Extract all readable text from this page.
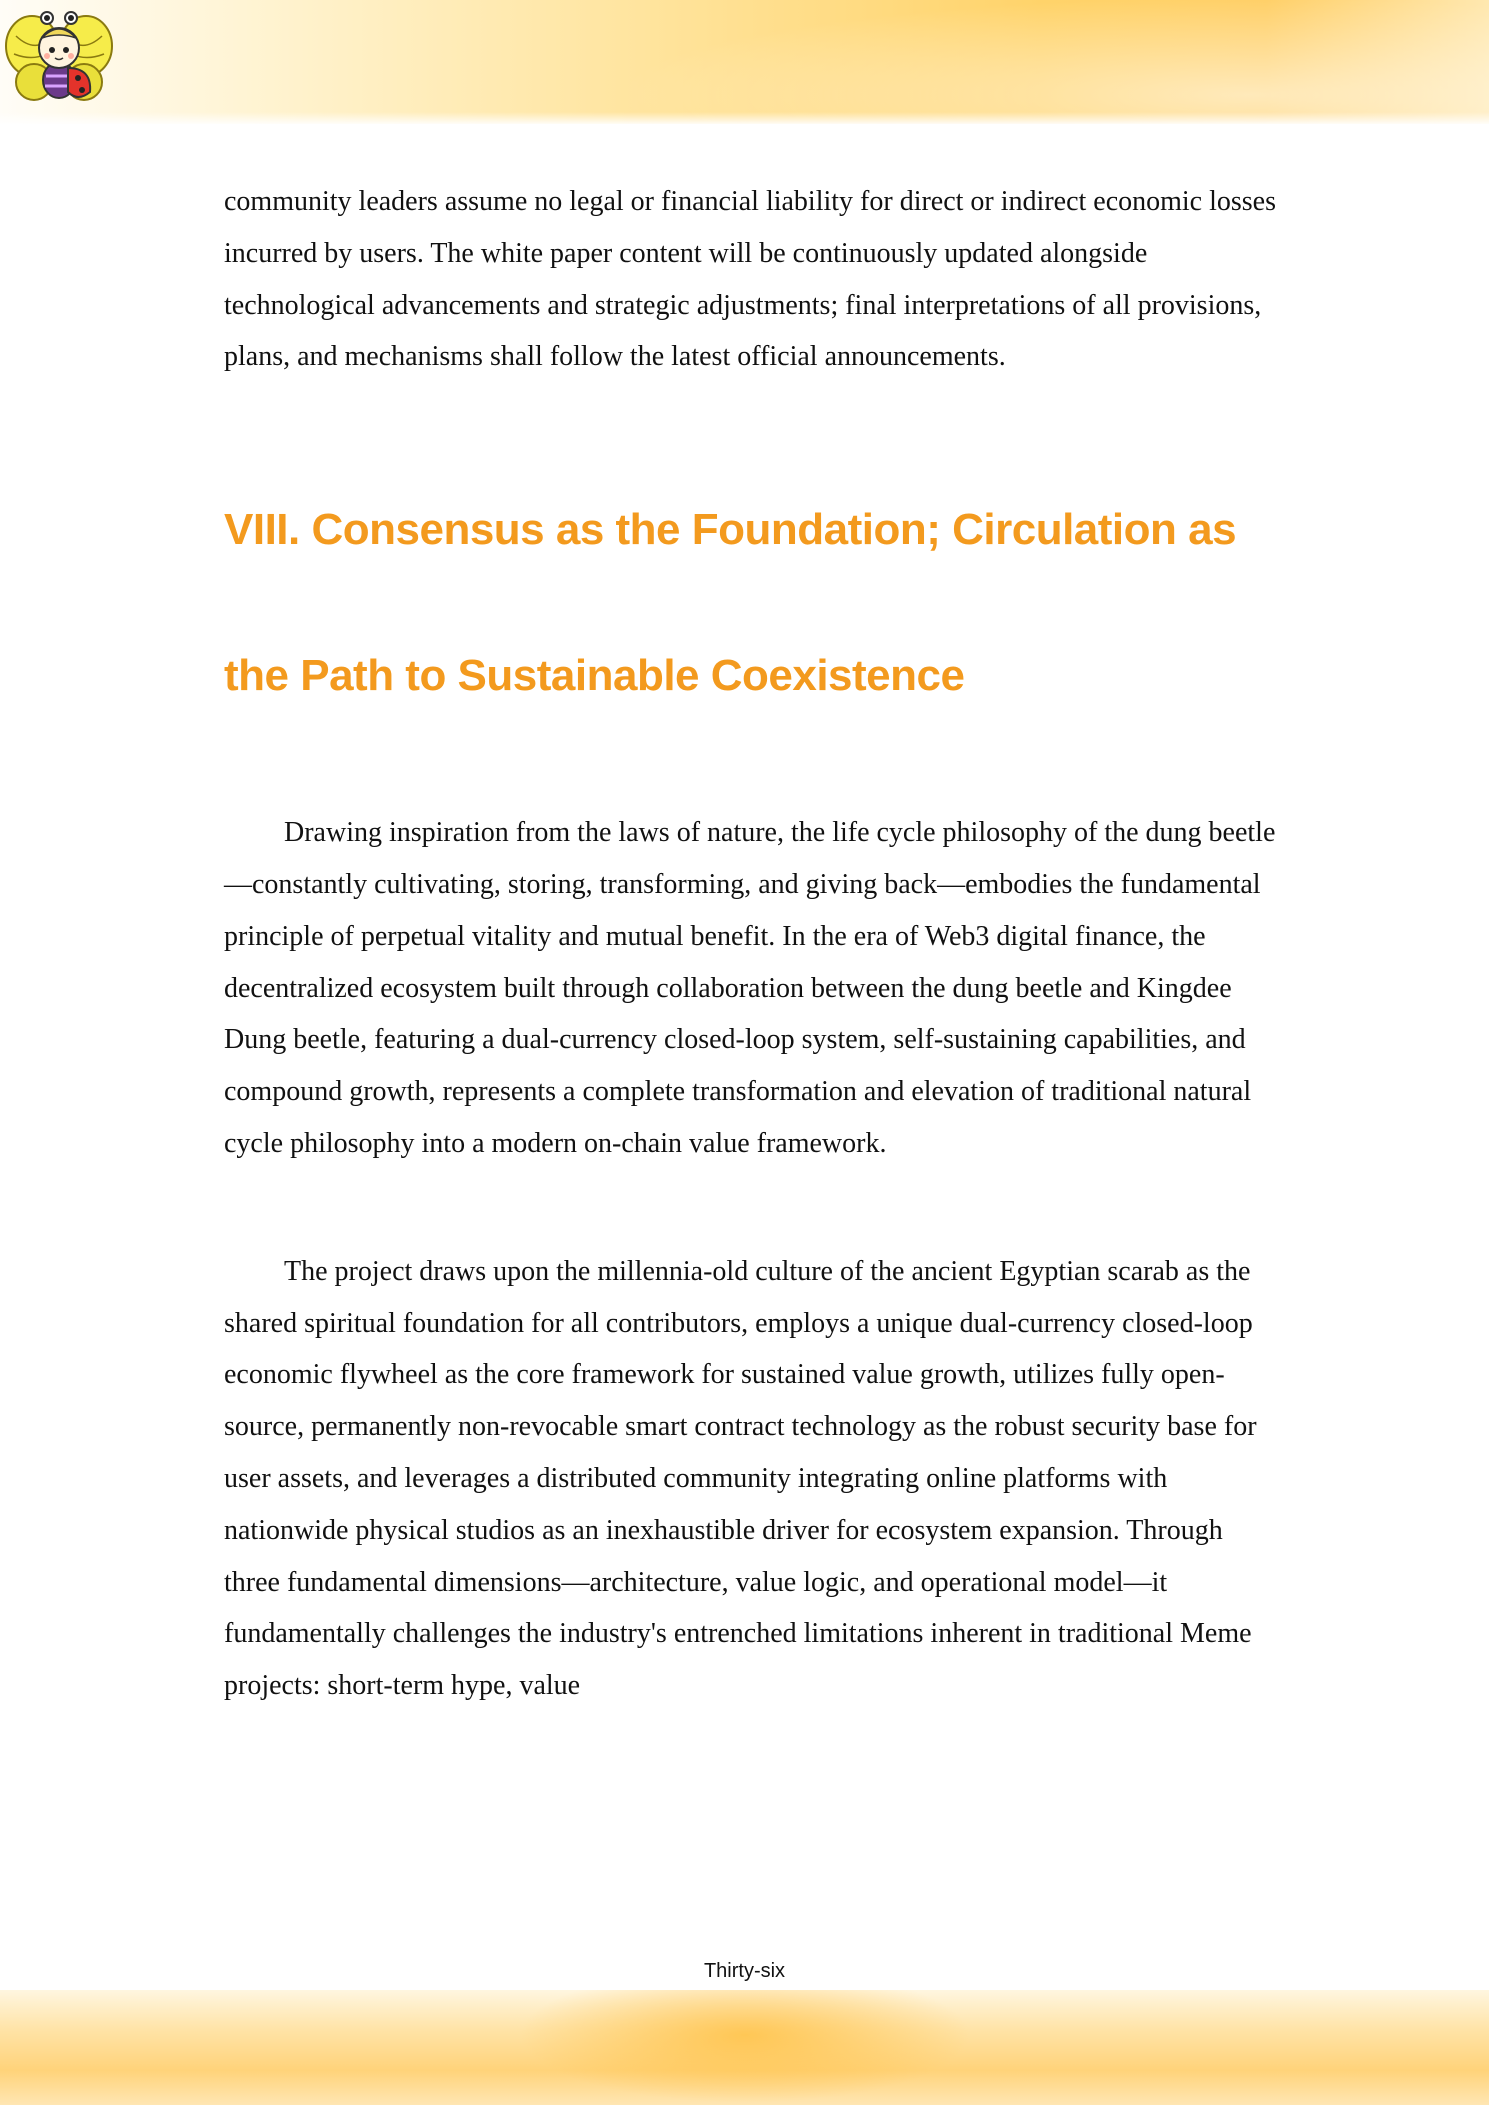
community leaders assume no legal or financial liability for direct or indirect economic losses incurred by users. The white paper content will be continuously updated alongside technological advancements and strategic adjustments; final interpretations of all provisions, plans, and mechanisms shall follow the latest official announcements.

VIII. Consensus as the Foundation; Circulation as
the Path to Sustainable Coexistence

Drawing inspiration from the laws of nature, the life cycle philosophy of the dung beetle—constantly cultivating, storing, transforming, and giving back—embodies the fundamental principle of perpetual vitality and mutual benefit. In the era of Web3 digital finance, the decentralized ecosystem built through collaboration between the dung beetle and Kingdee Dung beetle, featuring a dual-currency closed-loop system, self-sustaining capabilities, and compound growth, represents a complete transformation and elevation of traditional natural cycle philosophy into a modern on-chain value framework.

The project draws upon the millennia-old culture of the ancient Egyptian scarab as the shared spiritual foundation for all contributors, employs a unique dual-currency closed-loop economic flywheel as the core framework for sustained value growth, utilizes fully open-source, permanently non-revocable smart contract technology as the robust security base for user assets, and leverages a distributed community integrating online platforms with nationwide physical studios as an inexhaustible driver for ecosystem expansion. Through three fundamental dimensions—architecture, value logic, and operational model—it fundamentally challenges the industry's entrenched limitations inherent in traditional Meme projects: short-term hype, value

Thirty-six
